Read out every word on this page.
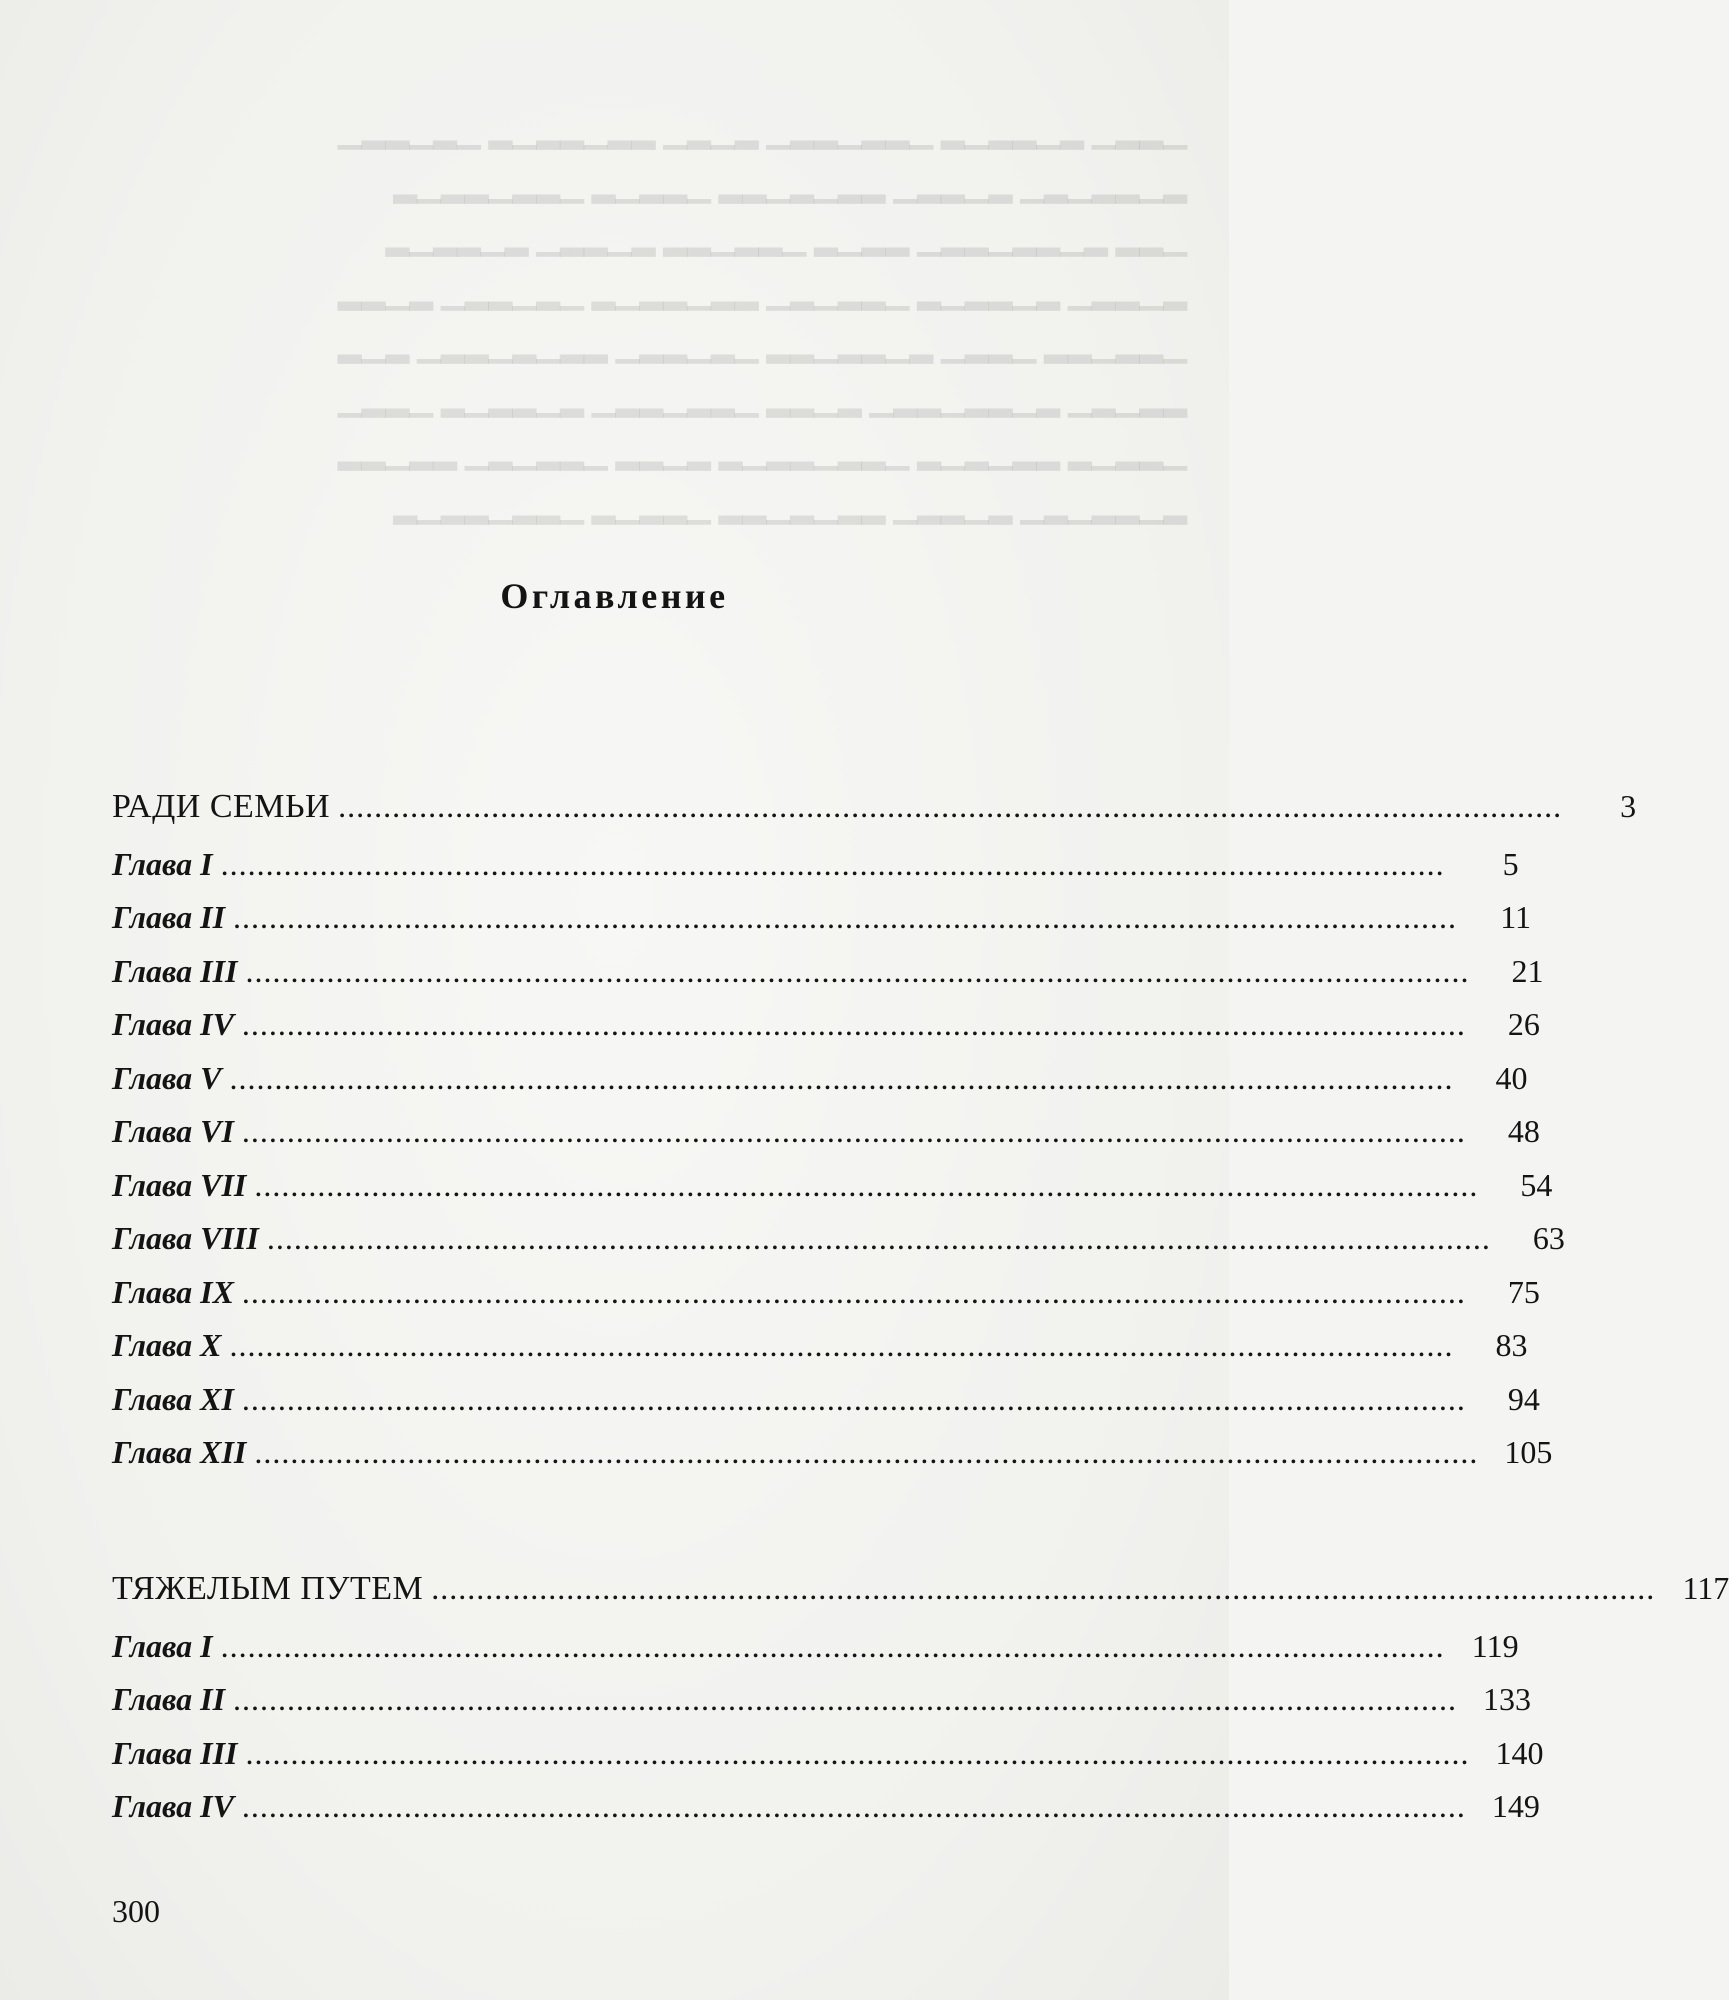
▁▂▂▁ ▂▁▂▂▁▂ ▁▂▂▁▂▂▁ ▂▁▂▁ ▂▂▁▂▂▁▂ ▁▂▁▂▂▁
▂▁▂▂▁▂▁ ▂▁▂▂▁ ▂▂▁▂▁▂▂ ▁▂▂▁▂ ▁▂▂▁▂▂▁▂
▁▂▂ ▂▁▂▂▁▂▂▁ ▂▂▁▂ ▁▂▂▁▂▂ ▂▁▂▂▁ ▂▁▂▂▁▂
▂▁▂▂▁ ▂▁▂▂▁▂ ▁▂▂▁▂▁ ▂▂▁▂▂▁▂ ▁▂▁▂▂▁ ▂▁▂▂
▁▂▂▁▂▂ ▁▂▂▁ ▂▁▂▂▁▂▂ ▁▂▁▂▂▁ ▂▂▁▂▁▂▂▁ ▂▁▂
▂▂▁▂▁ ▂▁▂▂▁▂▂▁ ▂▁▂▂ ▁▂▂▁▂▂▁ ▂▁▂▂▁▂ ▁▂▂▁
▁▂▂▁▂ ▂▂▁▂▁▂ ▁▂▂▁▂▂▁▂ ▂▁▂▂ ▁▂▂▁▂▁ ▂▂▁▂▂
▂▁▂▂▁▂▁ ▂▁▂▂▁ ▂▂▁▂▁▂▂ ▁▂▂▁▂ ▁▂▂▁▂▂▁▂
Оглавление
РАДИ СЕМЬИ ........................................................................................................................................	3
Глава I ........................................................................................................................................	5
Глава II ........................................................................................................................................	11
Глава III ........................................................................................................................................	21
Глава IV ........................................................................................................................................	26
Глава V ........................................................................................................................................	40
Глава VI ........................................................................................................................................	48
Глава VII ........................................................................................................................................	54
Глава VIII ........................................................................................................................................	63
Глава IX ........................................................................................................................................	75
Глава X ........................................................................................................................................	83
Глава XI ........................................................................................................................................	94
Глава XII ........................................................................................................................................ 105
ТЯЖЕЛЫМ ПУТЕМ ........................................................................................................................................ 117
Глава I ........................................................................................................................................ 119
Глава II ........................................................................................................................................ 133
Глава III ........................................................................................................................................ 140
Глава IV ........................................................................................................................................ 149
300
